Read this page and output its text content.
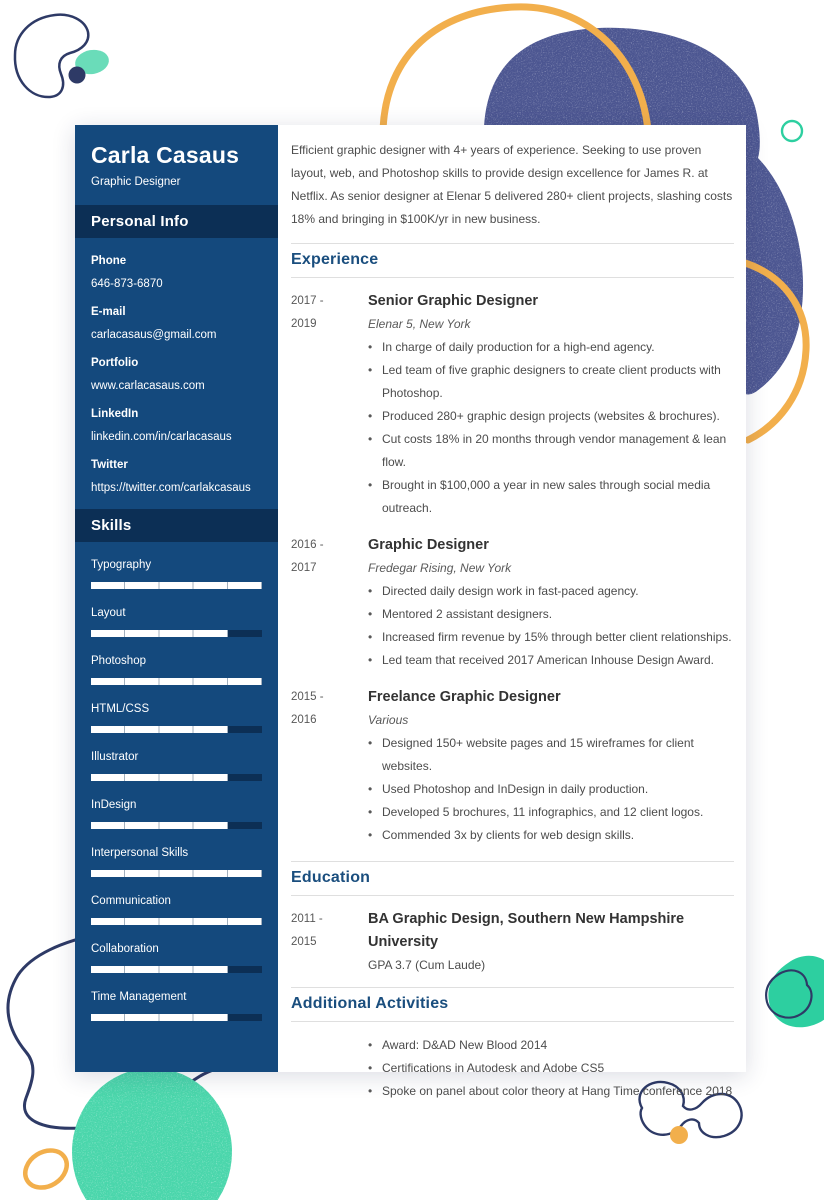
Carla Casaus
Graphic Designer
Personal Info
Phone
646-873-6870
E-mail
carlacasaus@gmail.com
Portfolio
www.carlacasaus.com
LinkedIn
linkedin.com/in/carlacasaus
Twitter
https://twitter.com/carlakcasaus
Skills
Typography
Layout
Photoshop
HTML/CSS
Illustrator
InDesign
Interpersonal Skills
Communication
Collaboration
Time Management

Efficient graphic designer with 4+ years of experience. Seeking to use proven layout, web, and Photoshop skills to provide design excellence for James R. at Netflix. As senior designer at Elenar 5 delivered 280+ client projects, slashing costs 18% and bringing in $100K/yr in new business.

Experience
2017 -
2019
Senior Graphic Designer
Elenar 5, New York
• In charge of daily production for a high-end agency.
• Led team of five graphic designers to create client products with Photoshop.
• Produced 280+ graphic design projects (websites & brochures).
• Cut costs 18% in 20 months through vendor management & lean flow.
• Brought in $100,000 a year in new sales through social media outreach.
2016 -
2017
Graphic Designer
Fredegar Rising, New York
• Directed daily design work in fast-paced agency.
• Mentored 2 assistant designers.
• Increased firm revenue by 15% through better client relationships.
• Led team that received 2017 American Inhouse Design Award.
2015 -
2016
Freelance Graphic Designer
Various
• Designed 150+ website pages and 15 wireframes for client websites.
• Used Photoshop and InDesign in daily production.
• Developed 5 brochures, 11 infographics, and 12 client logos.
• Commended 3x by clients for web design skills.
Education
2011 -
2015
BA Graphic Design, Southern New Hampshire University
GPA 3.7 (Cum Laude)
Additional Activities
• Award: D&AD New Blood 2014
• Certifications in Autodesk and Adobe CS5
• Spoke on panel about color theory at Hang Time conference 2018
